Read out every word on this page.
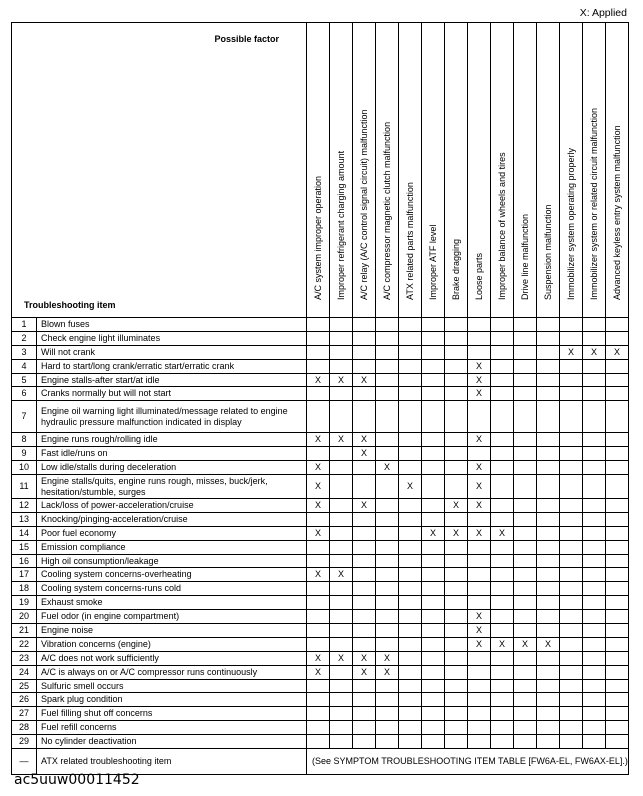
X: Applied
Possible factor
Troubleshooting item		A/C system improper operation	Improper refrigerant charging amount	A/C relay (A/C control signal circuit) malfunction	A/C compressor magnetic clutch malfunction	ATX related parts malfunction	Improper ATF level	Brake dragging	Loose parts	Improper balance of wheels and tires	Drive line malfunction	Suspension malfunction	Immobilizer system operating properly	Immobilizer system or related circuit malfunction	Advanced keyless entry system malfunction

1	Blown fuses														
2	Check engine light illuminates														
3	Will not crank												X	X	X
4	Hard to start/long crank/erratic start/erratic crank								X						
5	Engine stalls-after start/at idle	X	X	X					X						
6	Cranks normally but will not start								X						
7	Engine oil warning light illuminated/message related to engine hydraulic pressure malfunction indicated in display														
8	Engine runs rough/rolling idle	X	X	X					X						
9	Fast idle/runs on			X											
10	Low idle/stalls during deceleration	X			X				X						
11	Engine stalls/quits, engine runs rough, misses, buck/jerk, hesitation/stumble, surges	X				X			X						
12	Lack/loss of power-acceleration/cruise	X		X				X	X						
13	Knocking/pinging-acceleration/cruise														
14	Poor fuel economy	X					X	X	X	X					
15	Emission compliance														
16	High oil consumption/leakage														
17	Cooling system concerns-overheating	X	X												
18	Cooling system concerns-runs cold														
19	Exhaust smoke														
20	Fuel odor (in engine compartment)								X						
21	Engine noise								X						
22	Vibration concerns (engine)								X	X	X	X			
23	A/C does not work sufficiently	X	X	X	X										
24	A/C is always on or A/C compressor runs continuously	X		X	X										
25	Sulfuric smell occurs														
26	Spark plug condition														
27	Fuel filling shut off concerns														
28	Fuel refill concerns														
29	No cylinder deactivation														
—	ATX related troubleshooting item	(See SYMPTOM TROUBLESHOOTING ITEM TABLE [FW6A-EL, FW6AX-EL].)													
ac5uuw00011452
